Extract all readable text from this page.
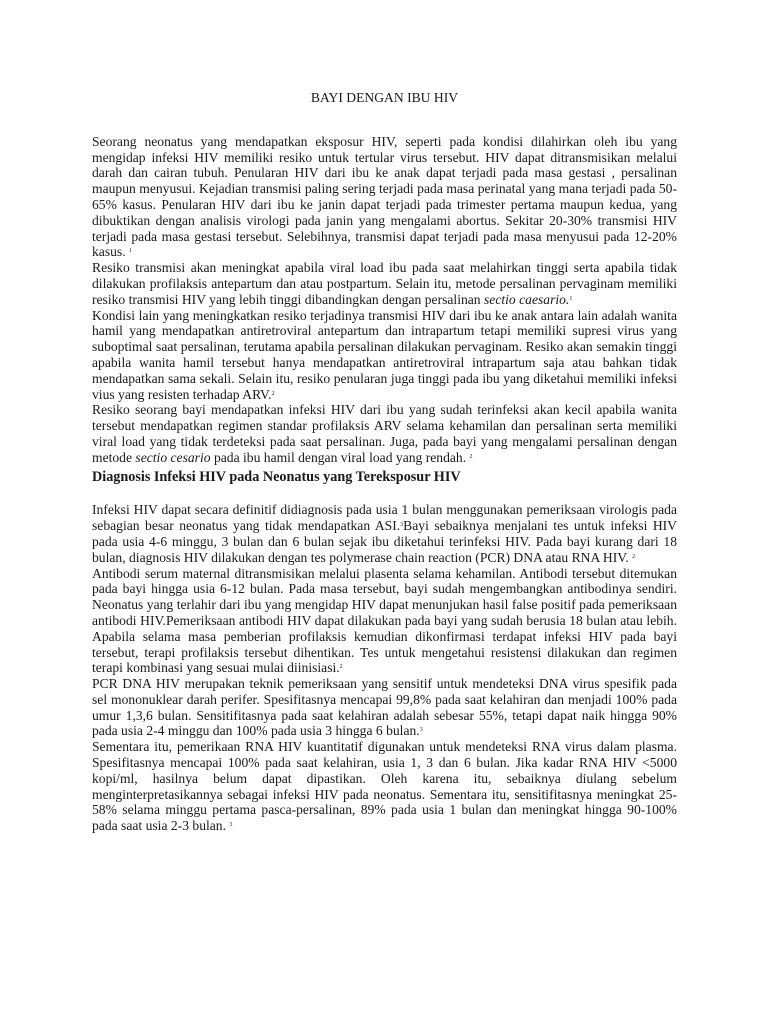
BAYI DENGAN IBU HIV

Seorang neonatus yang mendapatkan eksposur HIV, seperti pada kondisi dilahirkan oleh ibu yang mengidap infeksi HIV memiliki resiko untuk tertular virus tersebut. HIV dapat ditransmisikan melalui darah dan cairan tubuh. Penularan HIV dari ibu ke anak dapat terjadi pada masa gestasi , persalinan maupun menyusui. Kejadian transmisi paling sering terjadi pada masa perinatal yang mana terjadi pada 50-65% kasus. Penularan HIV dari ibu ke janin dapat terjadi pada trimester pertama maupun kedua, yang dibuktikan dengan analisis virologi pada janin yang mengalami abortus. Sekitar 20-30% transmisi HIV terjadi pada masa gestasi tersebut. Selebihnya, transmisi dapat terjadi pada masa menyusui pada 12-20% kasus. $^1$

Resiko transmisi akan meningkat apabila viral load ibu pada saat melahirkan tinggi serta apabila tidak dilakukan profilaksis antepartum dan atau postpartum. Selain itu, metode persalinan pervaginam memiliki resiko transmisi HIV yang lebih tinggi dibandingkan dengan persalinan sectio caesario.$^1$

Kondisi lain yang meningkatkan resiko terjadinya transmisi HIV dari ibu ke anak antara lain adalah wanita hamil yang mendapatkan antiretroviral antepartum dan intrapartum tetapi memiliki supresi virus yang suboptimal saat persalinan, terutama apabila persalinan dilakukan pervaginam. Resiko akan semakin tinggi apabila wanita hamil tersebut hanya mendapatkan antiretroviral intrapartum saja atau bahkan tidak mendapatkan sama sekali. Selain itu, resiko penularan juga tinggi pada ibu yang diketahui memiliki infeksi vius yang resisten terhadap ARV.$^2$

Resiko seorang bayi mendapatkan infeksi HIV dari ibu yang sudah terinfeksi akan kecil apabila wanita tersebut mendapatkan regimen standar profilaksis ARV selama kehamilan dan persalinan serta memiliki viral load yang tidak terdeteksi pada saat persalinan. Juga, pada bayi yang mengalami persalinan dengan metode sectio cesario pada ibu hamil dengan viral load yang rendah. $^2$

Diagnosis Infeksi HIV pada Neonatus yang Tereksposur HIV

Infeksi HIV dapat secara definitif didiagnosis pada usia 1 bulan menggunakan pemeriksaan virologis pada sebagian besar neonatus yang tidak mendapatkan ASI.$^3$Bayi sebaiknya menjalani tes untuk infeksi HIV pada usia 4-6 minggu, 3 bulan dan 6 bulan sejak ibu diketahui terinfeksi HIV. Pada bayi kurang dari 18 bulan, diagnosis HIV dilakukan dengan tes polymerase chain reaction (PCR) DNA atau RNA HIV. $^2$

Antibodi serum maternal ditransmisikan melalui plasenta selama kehamilan. Antibodi tersebut ditemukan pada bayi hingga usia 6-12 bulan. Pada masa tersebut, bayi sudah mengembangkan antibodinya sendiri. Neonatus yang terlahir dari ibu yang mengidap HIV dapat menunjukan hasil false positif pada pemeriksaan antibodi HIV.Pemeriksaan antibodi HIV dapat dilakukan pada bayi yang sudah berusia 18 bulan atau lebih. Apabila selama masa pemberian profilaksis kemudian dikonfirmasi terdapat infeksi HIV pada bayi tersebut, terapi profilaksis tersebut dihentikan. Tes untuk mengetahui resistensi dilakukan dan regimen terapi kombinasi yang sesuai mulai diinisiasi.$^2$

PCR DNA HIV merupakan teknik pemeriksaan yang sensitif untuk mendeteksi DNA virus spesifik pada sel mononuklear darah perifer. Spesifitasnya mencapai 99,8% pada saat kelahiran dan menjadi 100% pada umur 1,3,6 bulan. Sensitifitasnya pada saat kelahiran adalah sebesar 55%, tetapi dapat naik hingga 90% pada usia 2-4 minggu dan 100% pada usia 3 hingga 6 bulan.$^3$

Sementara itu, pemerikaan RNA HIV kuantitatif digunakan untuk mendeteksi RNA virus dalam plasma. Spesifitasnya mencapai 100% pada saat kelahiran, usia 1, 3 dan 6 bulan. Jika kadar RNA HIV <5000 kopi/ml, hasilnya belum dapat dipastikan. Oleh karena itu, sebaiknya diulang sebelum menginterpretasikannya sebagai infeksi HIV pada neonatus. Sementara itu, sensitifitasnya meningkat 25-58% selama minggu pertama pasca-persalinan, 89% pada usia 1 bulan dan meningkat hingga 90-100% pada saat usia 2-3 bulan. $^3$
